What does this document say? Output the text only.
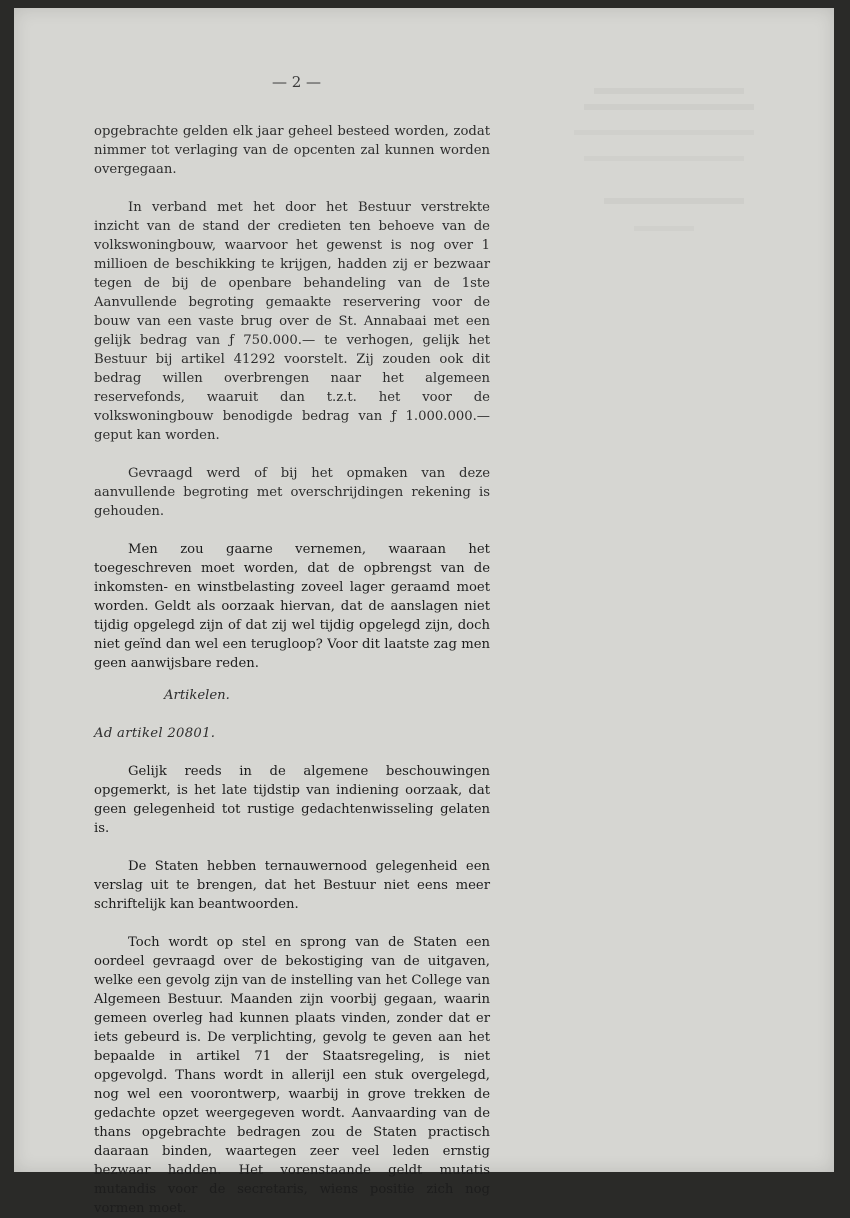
— 2 —

opgebrachte gelden elk jaar geheel besteed worden, zodat nimmer tot verlaging van de opcenten zal kunnen worden overgegaan.

In verband met het door het Bestuur verstrekte inzicht van de stand der credieten ten behoeve van de volkswoningbouw, waarvoor het gewenst is nog over 1 millioen de beschikking te krijgen, hadden zij er bezwaar tegen de bij de openbare behandeling van de 1ste Aanvullende begroting gemaakte reservering voor de bouw van een vaste brug over de St. Annabaai met een gelijk bedrag van ƒ 750.000.— te verhogen, gelijk het Bestuur bij artikel 41292 voorstelt. Zij zouden ook dit bedrag willen overbrengen naar het algemeen reservefonds, waaruit dan t.z.t. het voor de volkswoningbouw benodigde bedrag van ƒ 1.000.000.— geput kan worden.

Gevraagd werd of bij het opmaken van deze aanvullende begroting met overschrijdingen rekening is gehouden.

Men zou gaarne vernemen, waaraan het toegeschreven moet worden, dat de opbrengst van de inkomsten- en winstbelasting zoveel lager geraamd moet worden. Geldt als oorzaak hiervan, dat de aanslagen niet tijdig opgelegd zijn of dat zij wel tijdig opgelegd zijn, doch niet geïnd dan wel een terugloop? Voor dit laatste zag men geen aanwijsbare reden.

Artikelen.

Ad artikel 20801.

Gelijk reeds in de algemene beschouwingen opgemerkt, is het late tijdstip van indiening oorzaak, dat geen gelegenheid tot rustige gedachtenwisseling gelaten is.

De Staten hebben ternauwernood gelegenheid een verslag uit te brengen, dat het Bestuur niet eens meer schriftelijk kan beantwoorden.

Toch wordt op stel en sprong van de Staten een oordeel gevraagd over de bekostiging van de uitgaven, welke een gevolg zijn van de instelling van het College van Algemeen Bestuur. Maanden zijn voorbij gegaan, waarin gemeen overleg had kunnen plaats vinden, zonder dat er iets gebeurd is. De verplichting, gevolg te geven aan het bepaalde in artikel 71 der Staatsregeling, is niet opgevolgd. Thans wordt in allerijl een stuk overgelegd, nog wel een voorontwerp, waarbij in grove trekken de gedachte opzet weergegeven wordt. Aanvaarding van de thans opgebrachte bedragen zou de Staten practisch daaraan binden, waartegen zeer veel leden ernstig bezwaar hadden. Het vorenstaande geldt mutatis mutandis voor de secretaris, wiens positie zich nog vormen moet.
